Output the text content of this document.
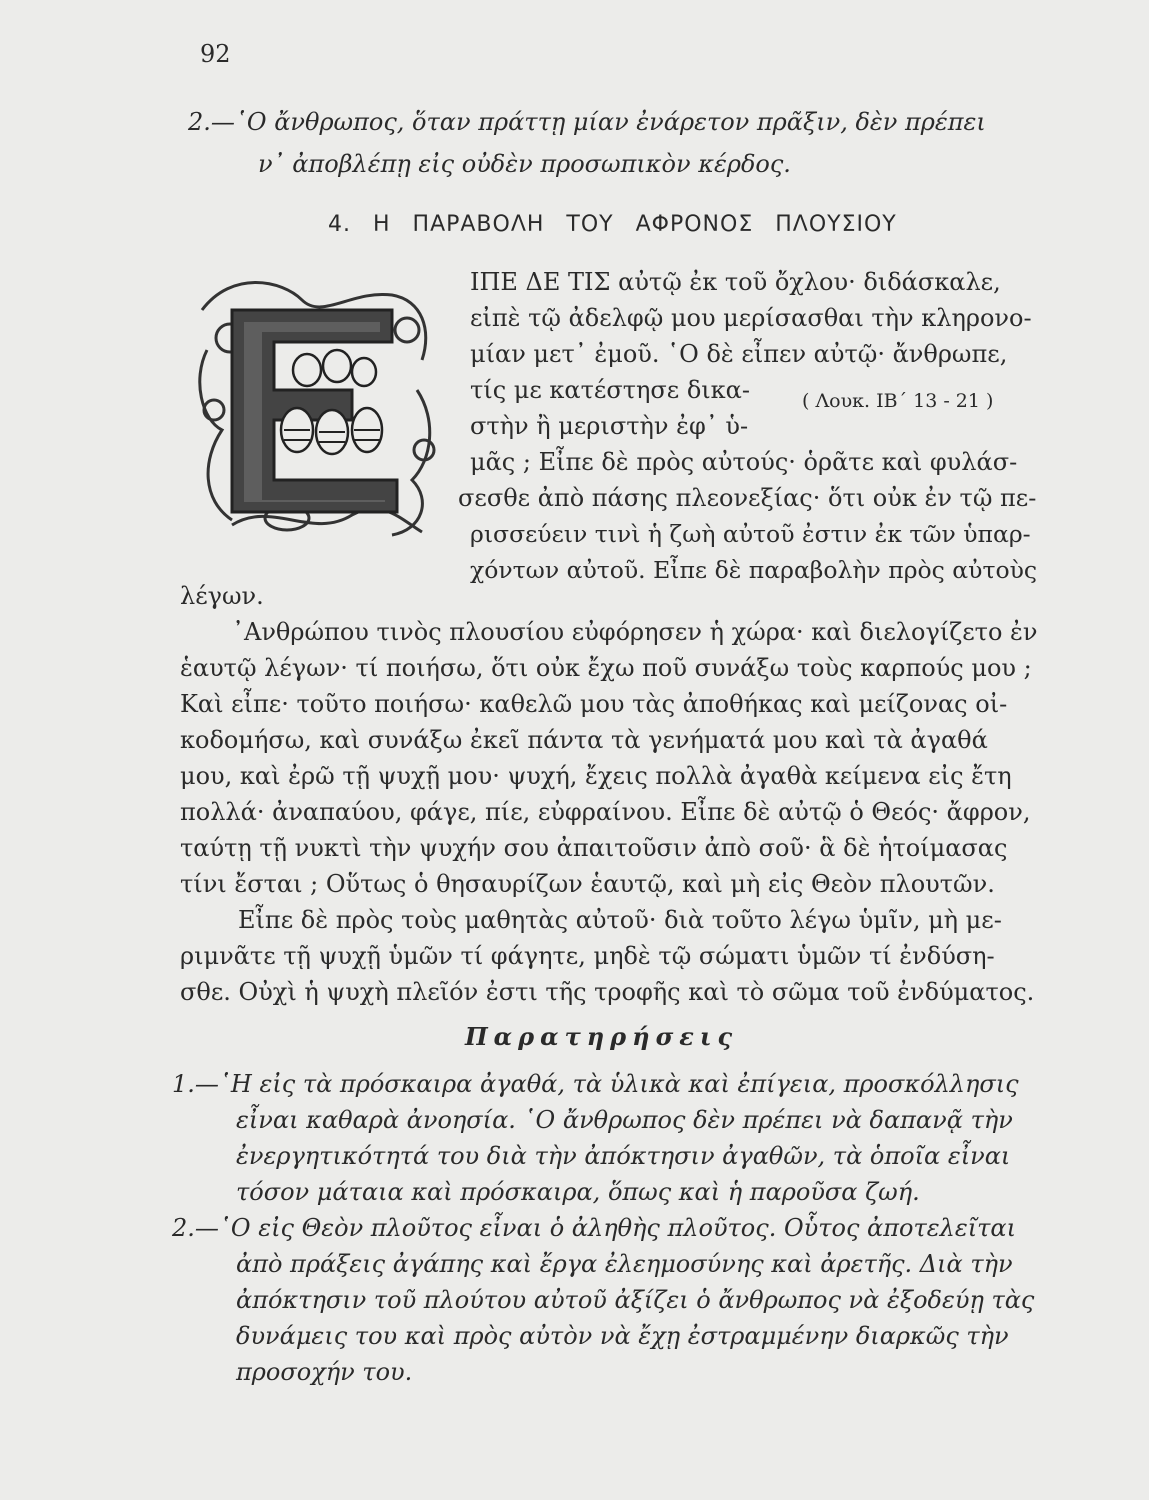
92
2.—῾Ο ἄνθρωπος, ὅταν πράττῃ μίαν ἐνάρετον πρᾶξιν, δὲν πρέπει
ν᾿ ἀποβλέπῃ εἰς οὐδὲν προσωπικὸν κέρδος.
4. Η ΠΑΡΑΒΟΛΗ ΤΟΥ ΑΦΡΟΝΟΣ ΠΛΟΥΣΙΟΥ
( Λουκ. ΙΒ΄ 13 - 21 )
ΙΠΕ ΔΕ ΤΙΣ αὐτῷ ἐκ τοῦ ὄχλου· διδάσκαλε,
εἰπὲ τῷ ἀδελφῷ μου μερίσασθαι τὴν κληρονο-
μίαν μετ᾿ ἐμοῦ. ῾Ο δὲ εἶπεν αὐτῷ· ἄνθρωπε,
τίς με κατέστησε δικα-
στὴν ἢ μεριστὴν ἐφ᾿ ὑ-
μᾶς ; Εἶπε δὲ πρὸς αὐτούς· ὁρᾶτε καὶ φυλάσ-
σεσθε ἀπὸ πάσης πλεονεξίας· ὅτι οὐκ ἐν τῷ πε-
ρισσεύειν τινὶ ἡ ζωὴ αὐτοῦ ἐστιν ἐκ τῶν ὑπαρ-
χόντων αὐτοῦ. Εἶπε δὲ παραβολὴν πρὸς αὐτοὺς
λέγων.
᾿Ανθρώπου τινὸς πλουσίου εὐφόρησεν ἡ χώρα· καὶ διελογίζετο ἐν
ἑαυτῷ λέγων· τί ποιήσω, ὅτι οὐκ ἔχω ποῦ συνάξω τοὺς καρπούς μου ;
Καὶ εἶπε· τοῦτο ποιήσω· καθελῶ μου τὰς ἀποθήκας καὶ μείζονας οἰ-
κοδομήσω, καὶ συνάξω ἐκεῖ πάντα τὰ γενήματά μου καὶ τὰ ἀγαθά
μου, καὶ ἐρῶ τῇ ψυχῇ μου· ψυχή, ἔχεις πολλὰ ἀγαθὰ κείμενα εἰς ἔτη
πολλά· ἀναπαύου, φάγε, πίε, εὐφραίνου. Εἶπε δὲ αὐτῷ ὁ Θεός· ἄφρον,
ταύτῃ τῇ νυκτὶ τὴν ψυχήν σου ἀπαιτοῦσιν ἀπὸ σοῦ· ἃ δὲ ἡτοίμασας
τίνι ἔσται ; Οὕτως ὁ θησαυρίζων ἑαυτῷ, καὶ μὴ εἰς Θεὸν πλουτῶν.
Εἶπε δὲ πρὸς τοὺς μαθητὰς αὐτοῦ· διὰ τοῦτο λέγω ὑμῖν, μὴ με-
ριμνᾶτε τῇ ψυχῇ ὑμῶν τί φάγητε, μηδὲ τῷ σώματι ὑμῶν τί ἐνδύση-
σθε. Οὐχὶ ἡ ψυχὴ πλεῖόν ἐστι τῆς τροφῆς καὶ τὸ σῶμα τοῦ ἐνδύματος.
Παρατηρήσεις
1.—῾Η εἰς τὰ πρόσκαιρα ἀγαθά, τὰ ὑλικὰ καὶ ἐπίγεια, προσκόλλησις
εἶναι καθαρὰ ἀνοησία. ῾Ο ἄνθρωπος δὲν πρέπει νὰ δαπανᾷ τὴν
ἐνεργητικότητά του διὰ τὴν ἀπόκτησιν ἀγαθῶν, τὰ ὁποῖα εἶναι
τόσον μάταια καὶ πρόσκαιρα, ὅπως καὶ ἡ παροῦσα ζωή.
2.—῾Ο εἰς Θεὸν πλοῦτος εἶναι ὁ ἀληθὴς πλοῦτος. Οὗτος ἀποτελεῖται
ἀπὸ πράξεις ἀγάπης καὶ ἔργα ἐλεημοσύνης καὶ ἀρετῆς. Διὰ τὴν
ἀπόκτησιν τοῦ πλούτου αὐτοῦ ἀξίζει ὁ ἄνθρωπος νὰ ἐξοδεύῃ τὰς
δυνάμεις του καὶ πρὸς αὐτὸν νὰ ἔχῃ ἐστραμμένην διαρκῶς τὴν
προσοχήν του.
